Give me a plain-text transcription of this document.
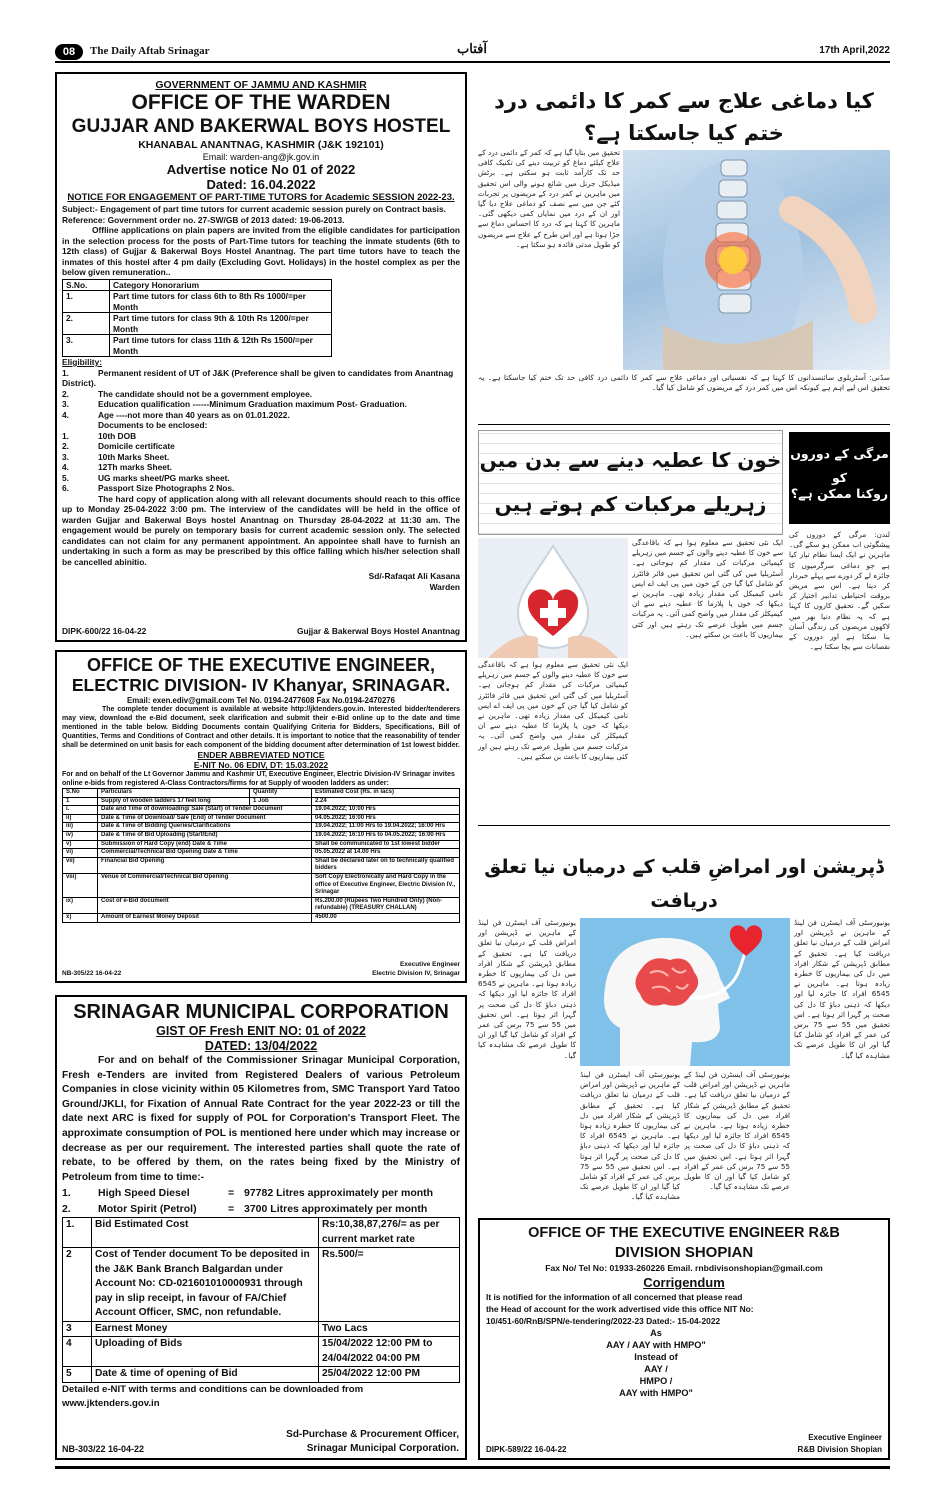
08	The Daily Aftab Srinagar	آفتاب	17th April,2022
GOVERNMENT OF JAMMU AND KASHMIR
OFFICE OF THE WARDEN
GUJJAR AND BAKERWAL BOYS HOSTEL
KHANABAL ANANTNAG, KASHMIR (J&K 192101)
Email: warden-ang@jk.gov.in
Advertise notice No 01 of 2022
Dated: 16.04.2022
NOTICE FOR ENGAGEMENT OF PART-TIME TUTORS for Academic SESSION 2022-23.
Subject:- Engagement of part time tutors for current academic session purely on Contract basis.
Reference: Government order no. 27-SW/GB of 2013 dated: 19-06-2013.
Offline applications on plain papers are invited from the eligible candidates for participation in the selection process for the posts of Part-Time tutors for teaching the inmate students (6th to 12th class) of Gujjar & Bakerwal Boys Hostel Anantnag. The part time tutors have to teach the inmates of this hostel after 4 pm daily (Excluding Govt. Holidays) in the hostel complex as per the below given remuneration..
S.No.	Category Honorarium
1.	Part time tutors for class 6th to 8th Rs 1000/=per Month
2.	Part time tutors for class 9th & 10th Rs 1200/=per Month
3.	Part time tutors for class 11th & 12th Rs 1500/=per Month
Eligibility:
1.	Permanent resident of UT of J&K (Preference shall be given to candidates from Anantnag District).
2.	The candidate should not be a government employee.
3.	Education qualification ------Minimum Graduation maximum Post- Graduation.
4.	Age ----not more than 40 years as on 01.01.2022.
Documents to be enclosed:
1.	10th DOB
2.	Domicile certificate
3.	10th Marks Sheet.
4.	12Th marks Sheet.
5.	UG marks sheet/PG marks sheet.
6.	Passport Size Photographs 2 Nos.
The hard copy of application along with all relevant documents should reach to this office up to Monday 25-04-2022 3:00 pm. The interview of the candidates will be held in the office of warden Gujjar and Bakerwal Boys hostel Anantnag on Thursday 28-04-2022 at 11:30 am. The engagement would be purely on temporary basis for current academic session only. The selected candidates can not claim for any permanent appointment. An appointee shall have to furnish an undertaking in such a form as may be prescribed by this office falling which his/her selection shall be cancelled abinitio.
Sd/-Rafaqat Ali Kasana
Warden
DIPK-600/22 16-04-22	Gujjar & Bakerwal Boys Hostel Anantnag
OFFICE OF THE EXECUTIVE ENGINEER,
ELECTRIC DIVISION- IV Khanyar, SRINAGAR.
Email: exen.ediv@gmail.com Tel No. 0194-2477608 Fax No.0194-2470276
The complete tender document is available at website http://jktenders.gov.in. Interested bidder/tenderers may view, download the e-Bid document, seek clarification and submit their e-Bid online up to the date and time mentioned in the table below. Bidding Documents contain Qualifying Criteria for Bidders, Specifications, Bill of Quantities, Terms and Conditions of Contract and other details. It is important to notice that the reasonability of tender shall be determined on unit basis for each component of the bidding document after determination of 1st lowest bidder.
ENDER ABBREVIATED NOTICE
E-NIT No. 06 EDIV, DT: 15.03.2022
For and on behalf of the Lt Governor Jammu and Kashmir UT, Executive Engineer, Electric Division-IV Srinagar invites online e-bids from registered A-Class Contractors/firms for at Supply of wooden ladders as under:
S.No	Particulars	Quantity	Estimated Cost (Rs. in lacs)
1	Supply of wooden ladders 17 feet long	1 Job	2.24
i.	Date and Time of downloading/ Sale (Start) of Tender Document		19.04.2022; 10:00 Hrs
ii)	Date & Time of Download/ Sale (End) of Tender Document		04.05.2022; 16:00 Hrs
iii)	Date & Time of Bidding Queries/Clarifications		19.04.2022; 11:00 Hrs to 19.04.2022; 16:00 Hrs
iv)	Date & Time of Bid Uploading (Start/End)		19.04.2022; 16:10 Hrs to 04.05.2022; 16:00 Hrs
v)	Submission of Hard Copy (end) Date & Time		Shall be communicated to 1st lowest bidder
vi)	Commercial/Technical Bid Opening Date & Time		05.05.2022 at 14.00 Hrs
vii)	Financial Bid Opening		Shall be declared later on to technically qualified bidders
viii)	Venue of Commercial/Technical Bid Opening		Soft Copy Electronically and Hard Copy in the office of Executive Engineer, Electric Division IV., Srinagar
ix)	Cost of e-Bid document		Rs.200.00 (Rupees Two Hundred Only) (Non-refundable) (TREASURY CHALLAN)
x)	Amount of Earnest Money Deposit		4500.00
Executive Engineer
Electric Division IV, Srinagar
NB-305/22 16-04-22
SRINAGAR MUNICIPAL CORPORATION
GIST OF Fresh ENIT NO: 01 of 2022
DATED: 13/04/2022
For and on behalf of the Commissioner Srinagar Municipal Corporation, Fresh e-Tenders are invited from Registered Dealers of various Petroleum Companies in close vicinity within 05 Kilometres from, SMC Transport Yard Tatoo Ground/JKLI, for Fixation of Annual Rate Contract for the year 2022-23 or till the date next ARC is fixed for supply of POL for Corporation's Transport Fleet. The approximate consumption of POL is mentioned here under which may increase or decrease as per our requirement. The interested parties shall quote the rate of rebate, to be offered by them, on the rates being fixed by the Ministry of Petroleum from time to time:-
1.	High Speed Diesel	= 97782 Litres approximately per month
2.	Motor Spirit (Petrol)	= 3700 Litres approximately per month
1.	Bid Estimated Cost	Rs:10,38,87,276/= as per current market rate
2	Cost of Tender document To be deposited in the J&K Bank Branch Balgardan under Account No: CD-021601010000931 through pay in slip receipt, in favour of FA/Chief Account Officer, SMC, non refundable.	Rs.500/=
3	Earnest Money	Two Lacs
4	Uploading of Bids	15/04/2022 12:00 PM to 24/04/2022 04:00 PM
5	Date & time of opening of Bid	25/04/2022 12:00 PM
Detailed e-NIT with terms and conditions can be downloaded from www.jktenders.gov.in
Sd-Purchase & Procurement Officer,
Srinagar Municipal Corporation.
NB-303/22 16-04-22
کیا دماغی علاج سے کمر کا دائمی درد ختم کیا جاسکتا ہے؟
تحقیق میں بتایا گیا ہے کہ کمر کے دائمی درد کے علاج کیلئے دماغ کو تربیت دینے کی تکنیک کافی حد تک کارآمد ثابت ہو سکتی ہے۔ برٹش میڈیکل جرنل میں شائع ہونے والی اس تحقیق میں ماہرین نے کمر درد کے مریضوں پر تجربات کئے جن میں سے نصف کو دماغی علاج دیا گیا اور ان کے درد میں نمایاں کمی دیکھی گئی۔ ماہرین کا کہنا ہے کہ درد کا احساس دماغ سے جڑا ہوتا ہے اور اس طرح کے علاج سے مریضوں کو طویل مدتی فائدہ ہو سکتا ہے۔
سڈنی: آسٹریلوی سائنسدانوں کا کہنا ہے کہ نفسیاتی اور دماغی علاج سے کمر کا دائمی درد کافی حد تک ختم کیا جاسکتا ہے۔ یہ تحقیق اس لیے اہم ہے کیونکہ اس میں کمر درد کے مریضوں کو شامل کیا گیا۔
خون کا عطیہ دینے سے بدن میں
زہریلے مرکبات کم ہوتے ہیں
ایک نئی تحقیق سے معلوم ہوا ہے کہ باقاعدگی سے خون کا عطیہ دینے والوں کے جسم میں زہریلے کیمیائی مرکبات کی مقدار کم ہوجاتی ہے۔ آسٹریلیا میں کی گئی اس تحقیق میں فائر فائٹرز کو شامل کیا گیا جن کے خون میں پی ایف اے ایس نامی کیمیکل کی مقدار زیادہ تھی۔ ماہرین نے دیکھا کہ خون یا پلازما کا عطیہ دینے سے ان کیمیکلز کی مقدار میں واضح کمی آئی۔ یہ مرکبات جسم میں طویل عرصے تک رہتے ہیں اور کئی بیماریوں کا باعث بن سکتے ہیں۔
ایک نئی تحقیق سے معلوم ہوا ہے کہ باقاعدگی سے خون کا عطیہ دینے والوں کے جسم میں زہریلے کیمیائی مرکبات کی مقدار کم ہوجاتی ہے۔ آسٹریلیا میں کی گئی اس تحقیق میں فائر فائٹرز کو شامل کیا گیا جن کے خون میں پی ایف اے ایس نامی کیمیکل کی مقدار زیادہ تھی۔ ماہرین نے دیکھا کہ خون یا پلازما کا عطیہ دینے سے ان کیمیکلز کی مقدار میں واضح کمی آئی۔ یہ مرکبات جسم میں طویل عرصے تک رہتے ہیں اور کئی بیماریوں کا باعث بن سکتے ہیں۔
مرگی کے دوروں کو
روکنا ممکن ہے؟
لندن: مرگی کے دوروں کی پیشگوئی اب ممکن ہو سکے گی۔ ماہرین نے ایک ایسا نظام تیار کیا ہے جو دماغی سرگرمیوں کا جائزہ لے کر دورے سے پہلے خبردار کر دیتا ہے۔ اس سے مریض بروقت احتیاطی تدابیر اختیار کر سکیں گے۔ تحقیق کاروں کا کہنا ہے کہ یہ نظام دنیا بھر میں لاکھوں مریضوں کی زندگی آسان بنا سکتا ہے اور دوروں کے نقصانات سے بچا سکتا ہے۔
ڈپریشن اور امراضِ قلب کے درمیان نیا تعلق دریافت
یونیورسٹی آف ایسٹرن فن لینڈ کے ماہرین نے ڈپریشن اور امراض قلب کے درمیان نیا تعلق دریافت کیا ہے۔ تحقیق کے مطابق ڈپریشن کے شکار افراد میں دل کی بیماریوں کا خطرہ زیادہ ہوتا ہے۔ ماہرین نے 6545 افراد کا جائزہ لیا اور دیکھا کہ ذہنی دباؤ کا دل کی صحت پر گہرا اثر ہوتا ہے۔ اس تحقیق میں 55 سے 75 برس کی عمر کے افراد کو شامل کیا گیا اور ان کا طویل عرصے تک مشاہدہ کیا گیا۔
یونیورسٹی آف ایسٹرن فن لینڈ کے ماہرین نے ڈپریشن اور امراض قلب کے درمیان نیا تعلق دریافت کیا ہے۔ تحقیق کے مطابق ڈپریشن کے شکار افراد میں دل کی بیماریوں کا خطرہ زیادہ ہوتا ہے۔ ماہرین نے 6545 افراد کا جائزہ لیا اور دیکھا کہ ذہنی دباؤ کا دل کی صحت پر گہرا اثر ہوتا ہے۔ اس تحقیق میں 55 سے 75 برس کی عمر کے افراد کو شامل کیا گیا اور ان کا طویل عرصے تک مشاہدہ کیا گیا۔
یونیورسٹی آف ایسٹرن فن لینڈ کے ماہرین نے ڈپریشن اور امراض قلب کے درمیان نیا تعلق دریافت کیا ہے۔ تحقیق کے مطابق ڈپریشن کے شکار افراد میں دل کی بیماریوں کا خطرہ زیادہ ہوتا ہے۔ ماہرین نے 6545 افراد کا جائزہ لیا اور دیکھا کہ ذہنی دباؤ کا دل کی صحت پر گہرا اثر ہوتا ہے۔ اس تحقیق میں 55 سے 75 برس کی عمر کے افراد کو شامل کیا گیا اور ان کا طویل عرصے تک مشاہدہ کیا گیا۔
یونیورسٹی آف ایسٹرن فن لینڈ کے ماہرین نے ڈپریشن اور امراض قلب کے درمیان نیا تعلق دریافت کیا ہے۔ تحقیق کے مطابق ڈپریشن کے شکار افراد میں دل کی بیماریوں کا خطرہ زیادہ ہوتا ہے۔ ماہرین نے 6545 افراد کا جائزہ لیا اور دیکھا کہ ذہنی دباؤ کا دل کی صحت پر گہرا اثر ہوتا ہے۔ اس تحقیق میں 55 سے 75 برس کی عمر کے افراد کو شامل کیا گیا اور ان کا طویل عرصے تک مشاہدہ کیا گیا۔
OFFICE OF THE EXECUTIVE ENGINEER R&B
DIVISION SHOPIAN
Fax No/ Tel No: 01933-260226 Email. rnbdivisonshopian@gmail.com
Corrigendum
It is notified for the information of all concerned that please read the Head of account for the work advertised vide this office NIT No: 10/451-60/RnB/SPN/e-tendering/2022-23 Dated:- 15-04-2022
As
AAY / AAY with HMPO"
Instead of
AAY /
HMPO /
AAY with HMPO"
Executive Engineer
R&B Division Shopian
DIPK-589/22 16-04-22
